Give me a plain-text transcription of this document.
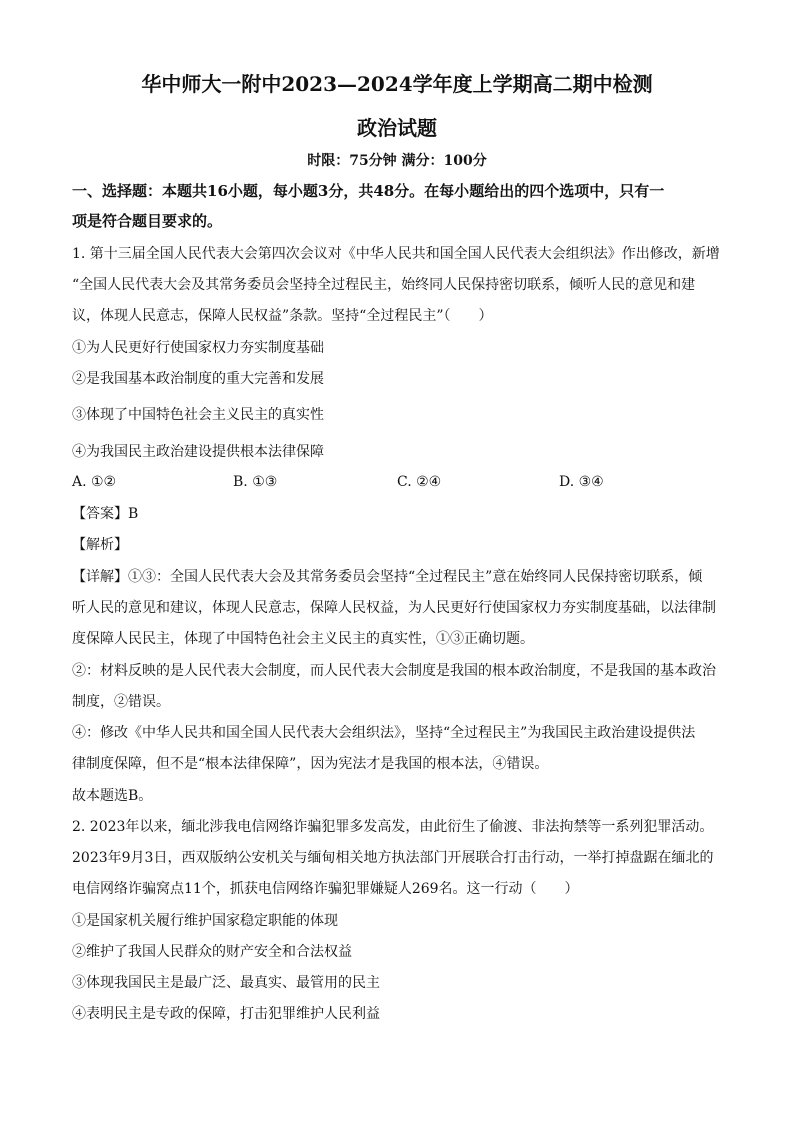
华中师大一附中2023—2024学年度上学期高二期中检测
政治试题
时限：75分钟 满分：100分
一、选择题：本题共16小题，每小题3分，共48分。在每小题给出的四个选项中，只有一
项是符合题目要求的。
1. 第十三届全国人民代表大会第四次会议对《中华人民共和国全国人民代表大会组织法》作出修改，新增
“全国人民代表大会及其常务委员会坚持全过程民主，始终同人民保持密切联系，倾听人民的意见和建
议，体现人民意志，保障人民权益”条款。坚持“全过程民主”（　　）
①为人民更好行使国家权力夯实制度基础
②是我国基本政治制度的重大完善和发展
③体现了中国特色社会主义民主的真实性
④为我国民主政治建设提供根本法律保障
A. ①②	B. ①③	C. ②④	D. ③④
【答案】B
【解析】
【详解】①③：全国人民代表大会及其常务委员会坚持“全过程民主”意在始终同人民保持密切联系，倾
听人民的意见和建议，体现人民意志，保障人民权益，为人民更好行使国家权力夯实制度基础，以法律制
度保障人民民主，体现了中国特色社会主义民主的真实性，①③正确切题。
②：材料反映的是人民代表大会制度，而人民代表大会制度是我国的根本政治制度，不是我国的基本政治
制度，②错误。
④：修改《中华人民共和国全国人民代表大会组织法》，坚持“全过程民主”为我国民主政治建设提供法
律制度保障，但不是“根本法律保障”，因为宪法才是我国的根本法，④错误。
故本题选B。
2. 2023年以来，缅北涉我电信网络诈骗犯罪多发高发，由此衍生了偷渡、非法拘禁等一系列犯罪活动。
2023年9月3日，西双版纳公安机关与缅甸相关地方执法部门开展联合打击行动，一举打掉盘踞在缅北的
电信网络诈骗窝点11个，抓获电信网络诈骗犯罪嫌疑人269名。这一行动（　　）
①是国家机关履行维护国家稳定职能的体现
②维护了我国人民群众的财产安全和合法权益
③体现我国民主是最广泛、最真实、最管用的民主
④表明民主是专政的保障，打击犯罪维护人民利益
